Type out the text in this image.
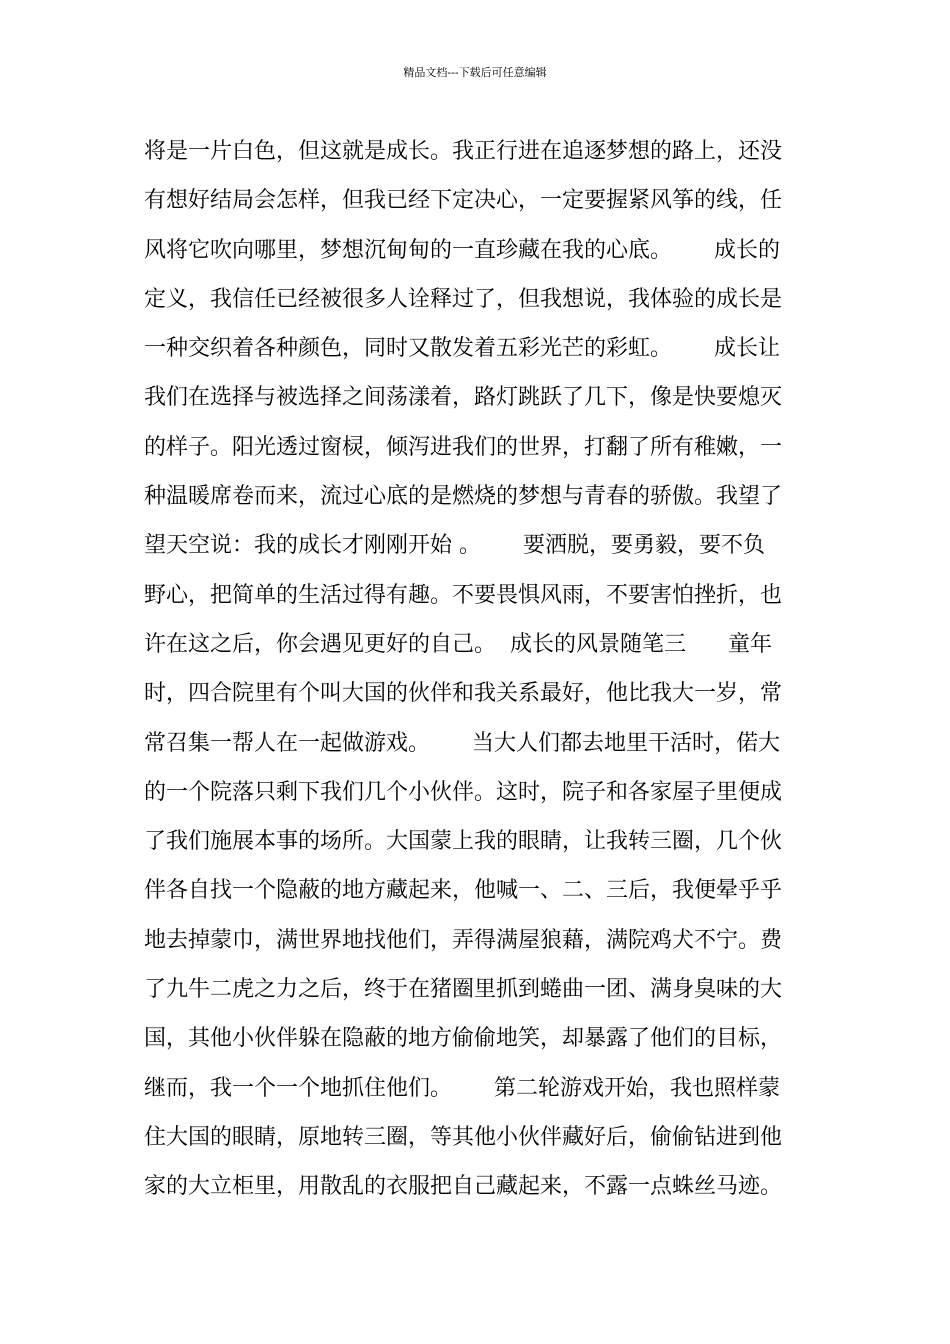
精品文档---下载后可任意编辑
将是一片白色，但这就是成长。我正行进在追逐梦想的路上，还没
有想好结局会怎样，但我已经下定决心，一定要握紧风筝的线，任
风将它吹向哪里，梦想沉甸甸的一直珍藏在我的心底。      成长的
定义，我信任已经被很多人诠释过了，但我想说，我体验的成长是
一种交织着各种颜色，同时又散发着五彩光芒的彩虹。      成长让
我们在选择与被选择之间荡漾着，路灯跳跃了几下，像是快要熄灭
的样子。阳光透过窗棂，倾泻进我们的世界，打翻了所有稚嫩，一
种温暖席卷而来，流过心底的是燃烧的梦想与青春的骄傲。我望了
望天空说：我的成长才刚刚开始 。      要洒脱，要勇毅，要不负
野心，把简单的生活过得有趣。不要畏惧风雨，不要害怕挫折，也
许在这之后，你会遇见更好的自己。  成长的风景随笔三      童年
时，四合院里有个叫大国的伙伴和我关系最好，他比我大一岁，常
常召集一帮人在一起做游戏。      当大人们都去地里干活时，偌大
的一个院落只剩下我们几个小伙伴。这时，院子和各家屋子里便成
了我们施展本事的场所。大国蒙上我的眼睛，让我转三圈，几个伙
伴各自找一个隐蔽的地方藏起来，他喊一、二、三后，我便晕乎乎
地去掉蒙巾，满世界地找他们，弄得满屋狼藉，满院鸡犬不宁。费
了九牛二虎之力之后，终于在猪圈里抓到蜷曲一团、满身臭味的大
国，其他小伙伴躲在隐蔽的地方偷偷地笑，却暴露了他们的目标，
继而，我一个一个地抓住他们。      第二轮游戏开始，我也照样蒙
住大国的眼睛，原地转三圈，等其他小伙伴藏好后，偷偷钻进到他
家的大立柜里，用散乱的衣服把自己藏起来，不露一点蛛丝马迹。
